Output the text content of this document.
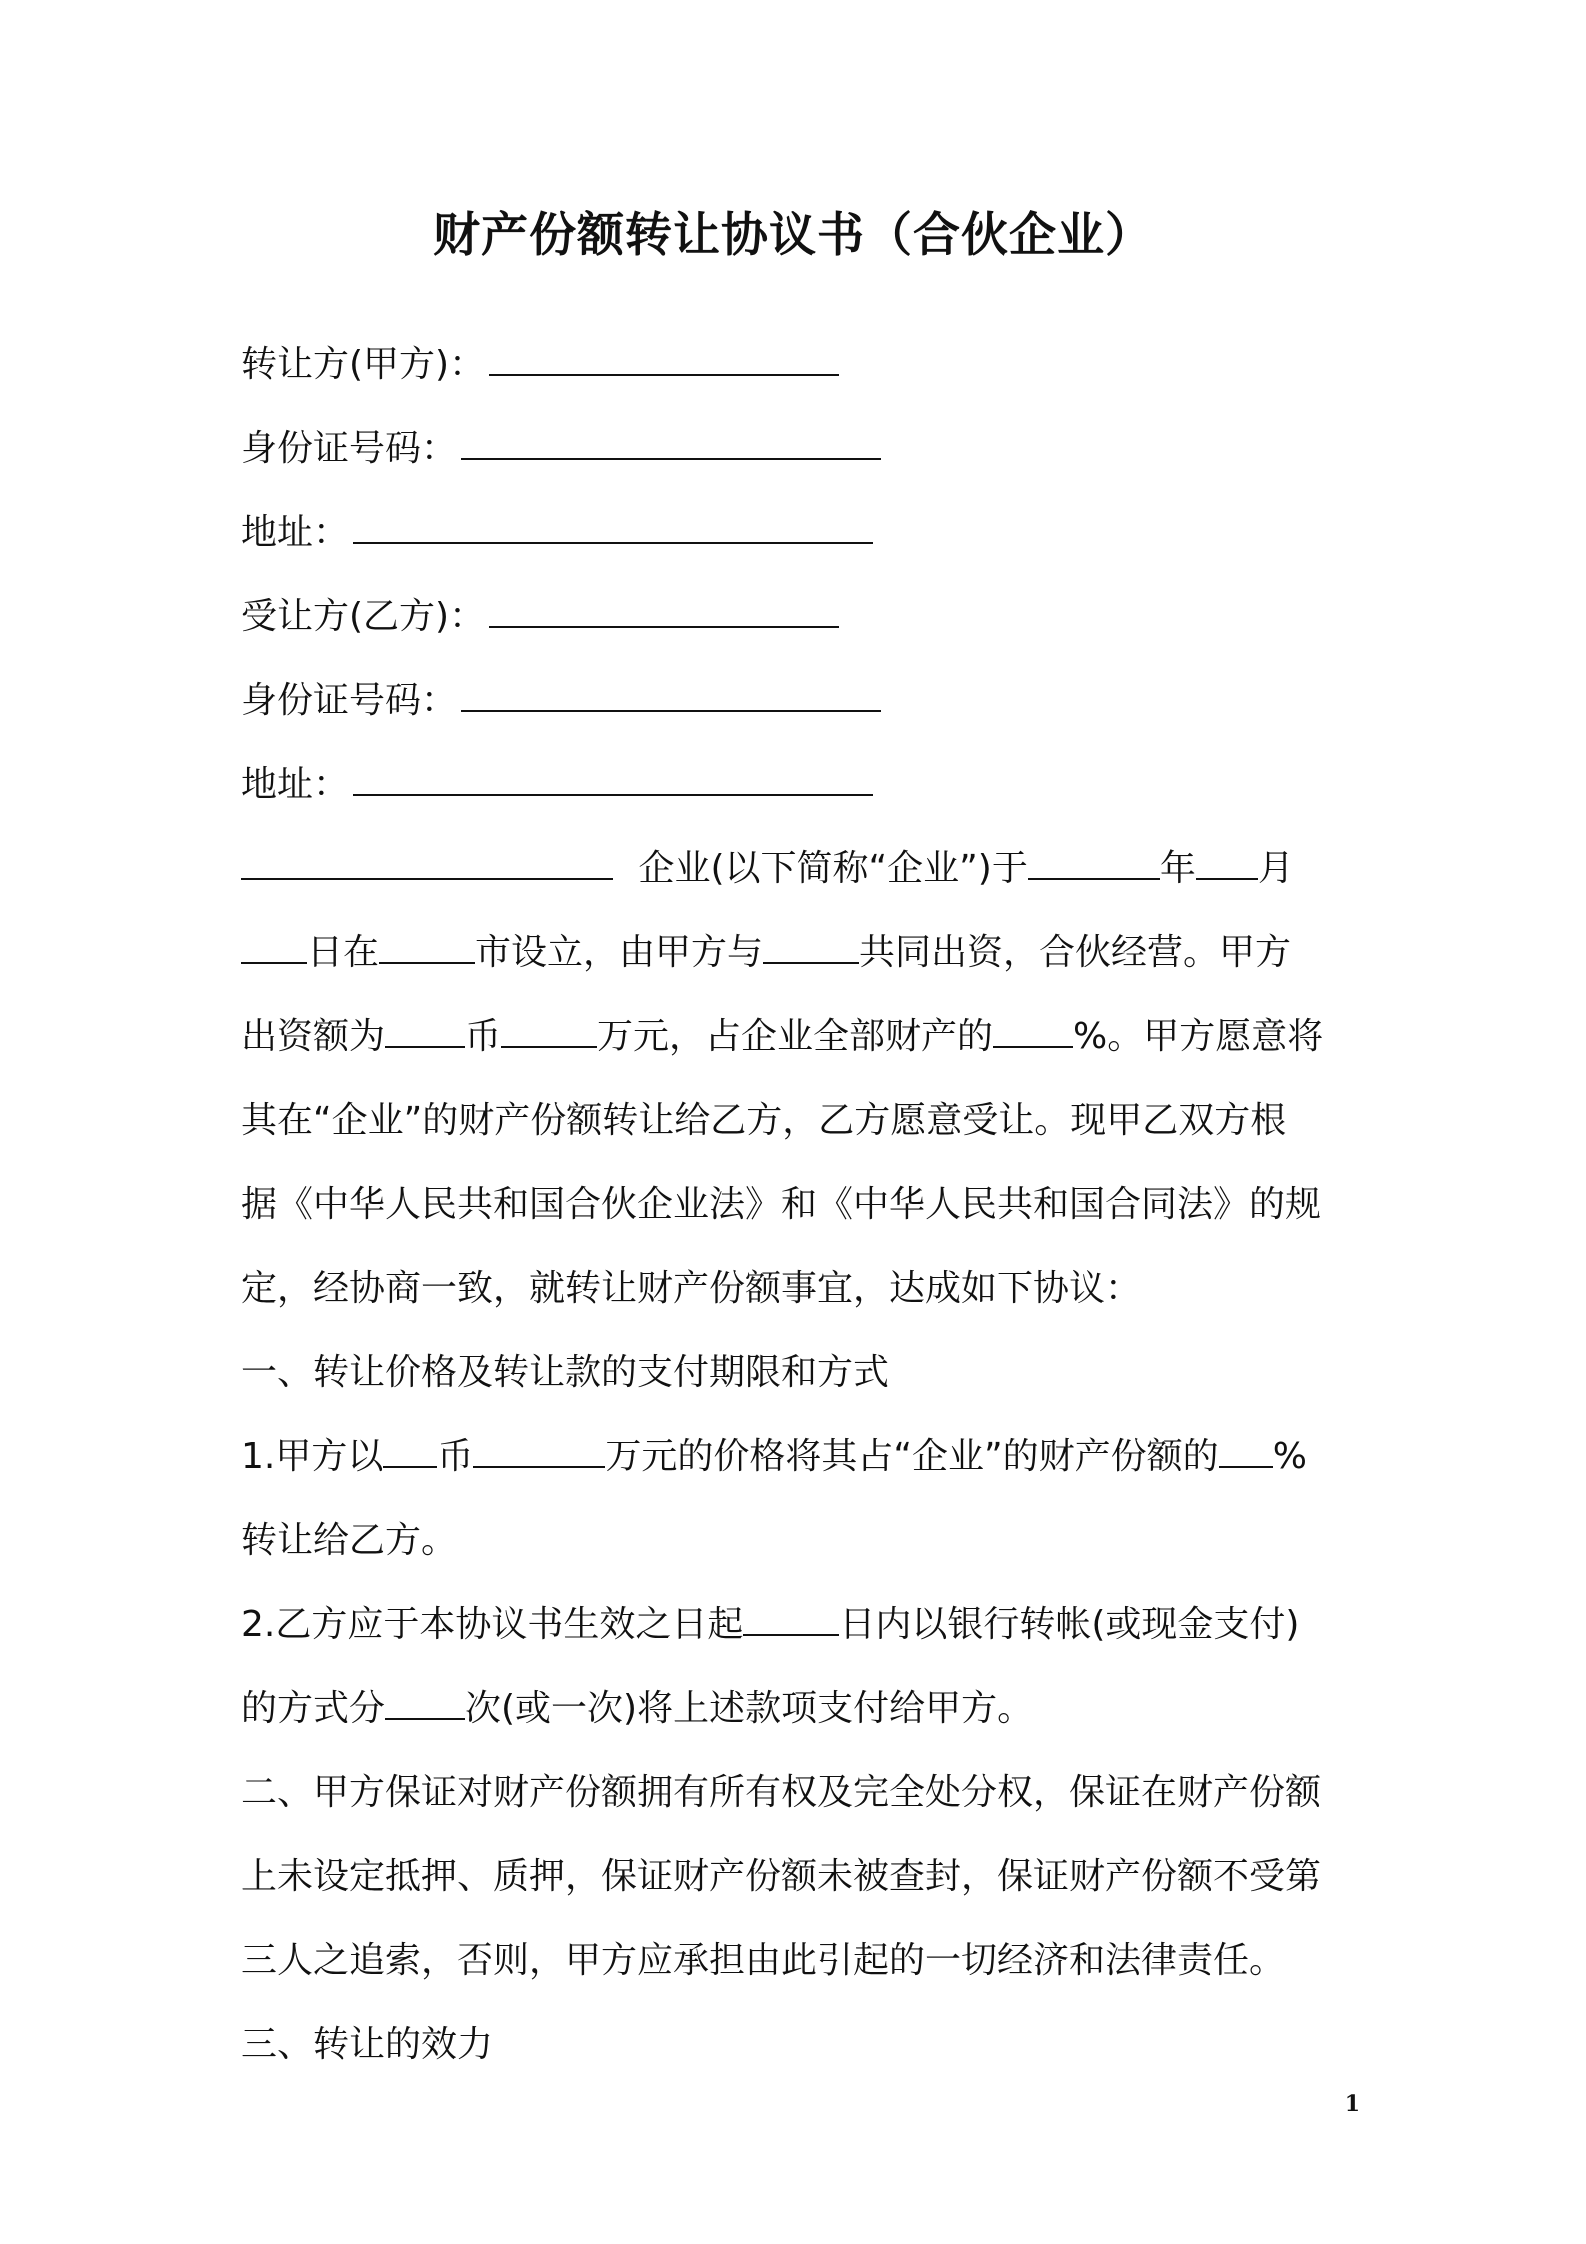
财产份额转让协议书（合伙企业）
转让方(甲方)：
身份证号码：
地址：
受让方(乙方)：
身份证号码：
地址：
企业(以下简称“企业”)于	年 月
日在	市设立，由甲方与	共同出资，合伙经营。甲方
出资额为 币	万元，占企业全部财产的 %。甲方愿意将
其在“企业”的财产份额转让给乙方，乙方愿意受让。现甲乙双方根
据《中华人民共和国合伙企业法》和《中华人民共和国合同法》的规
定，经协商一致，就转让财产份额事宜，达成如下协议：
一、转让价格及转让款的支付期限和方式
1.甲方以 币	万元的价格将其占“企业”的财产份额的 %
转让给乙方。
2.乙方应于本协议书生效之日起	日内以银行转帐(或现金支付)
的方式分 次(或一次)将上述款项支付给甲方。
二、甲方保证对财产份额拥有所有权及完全处分权，保证在财产份额
上未设定抵押、质押，保证财产份额未被查封，保证财产份额不受第
三人之追索，否则，甲方应承担由此引起的一切经济和法律责任。
三、转让的效力
1
